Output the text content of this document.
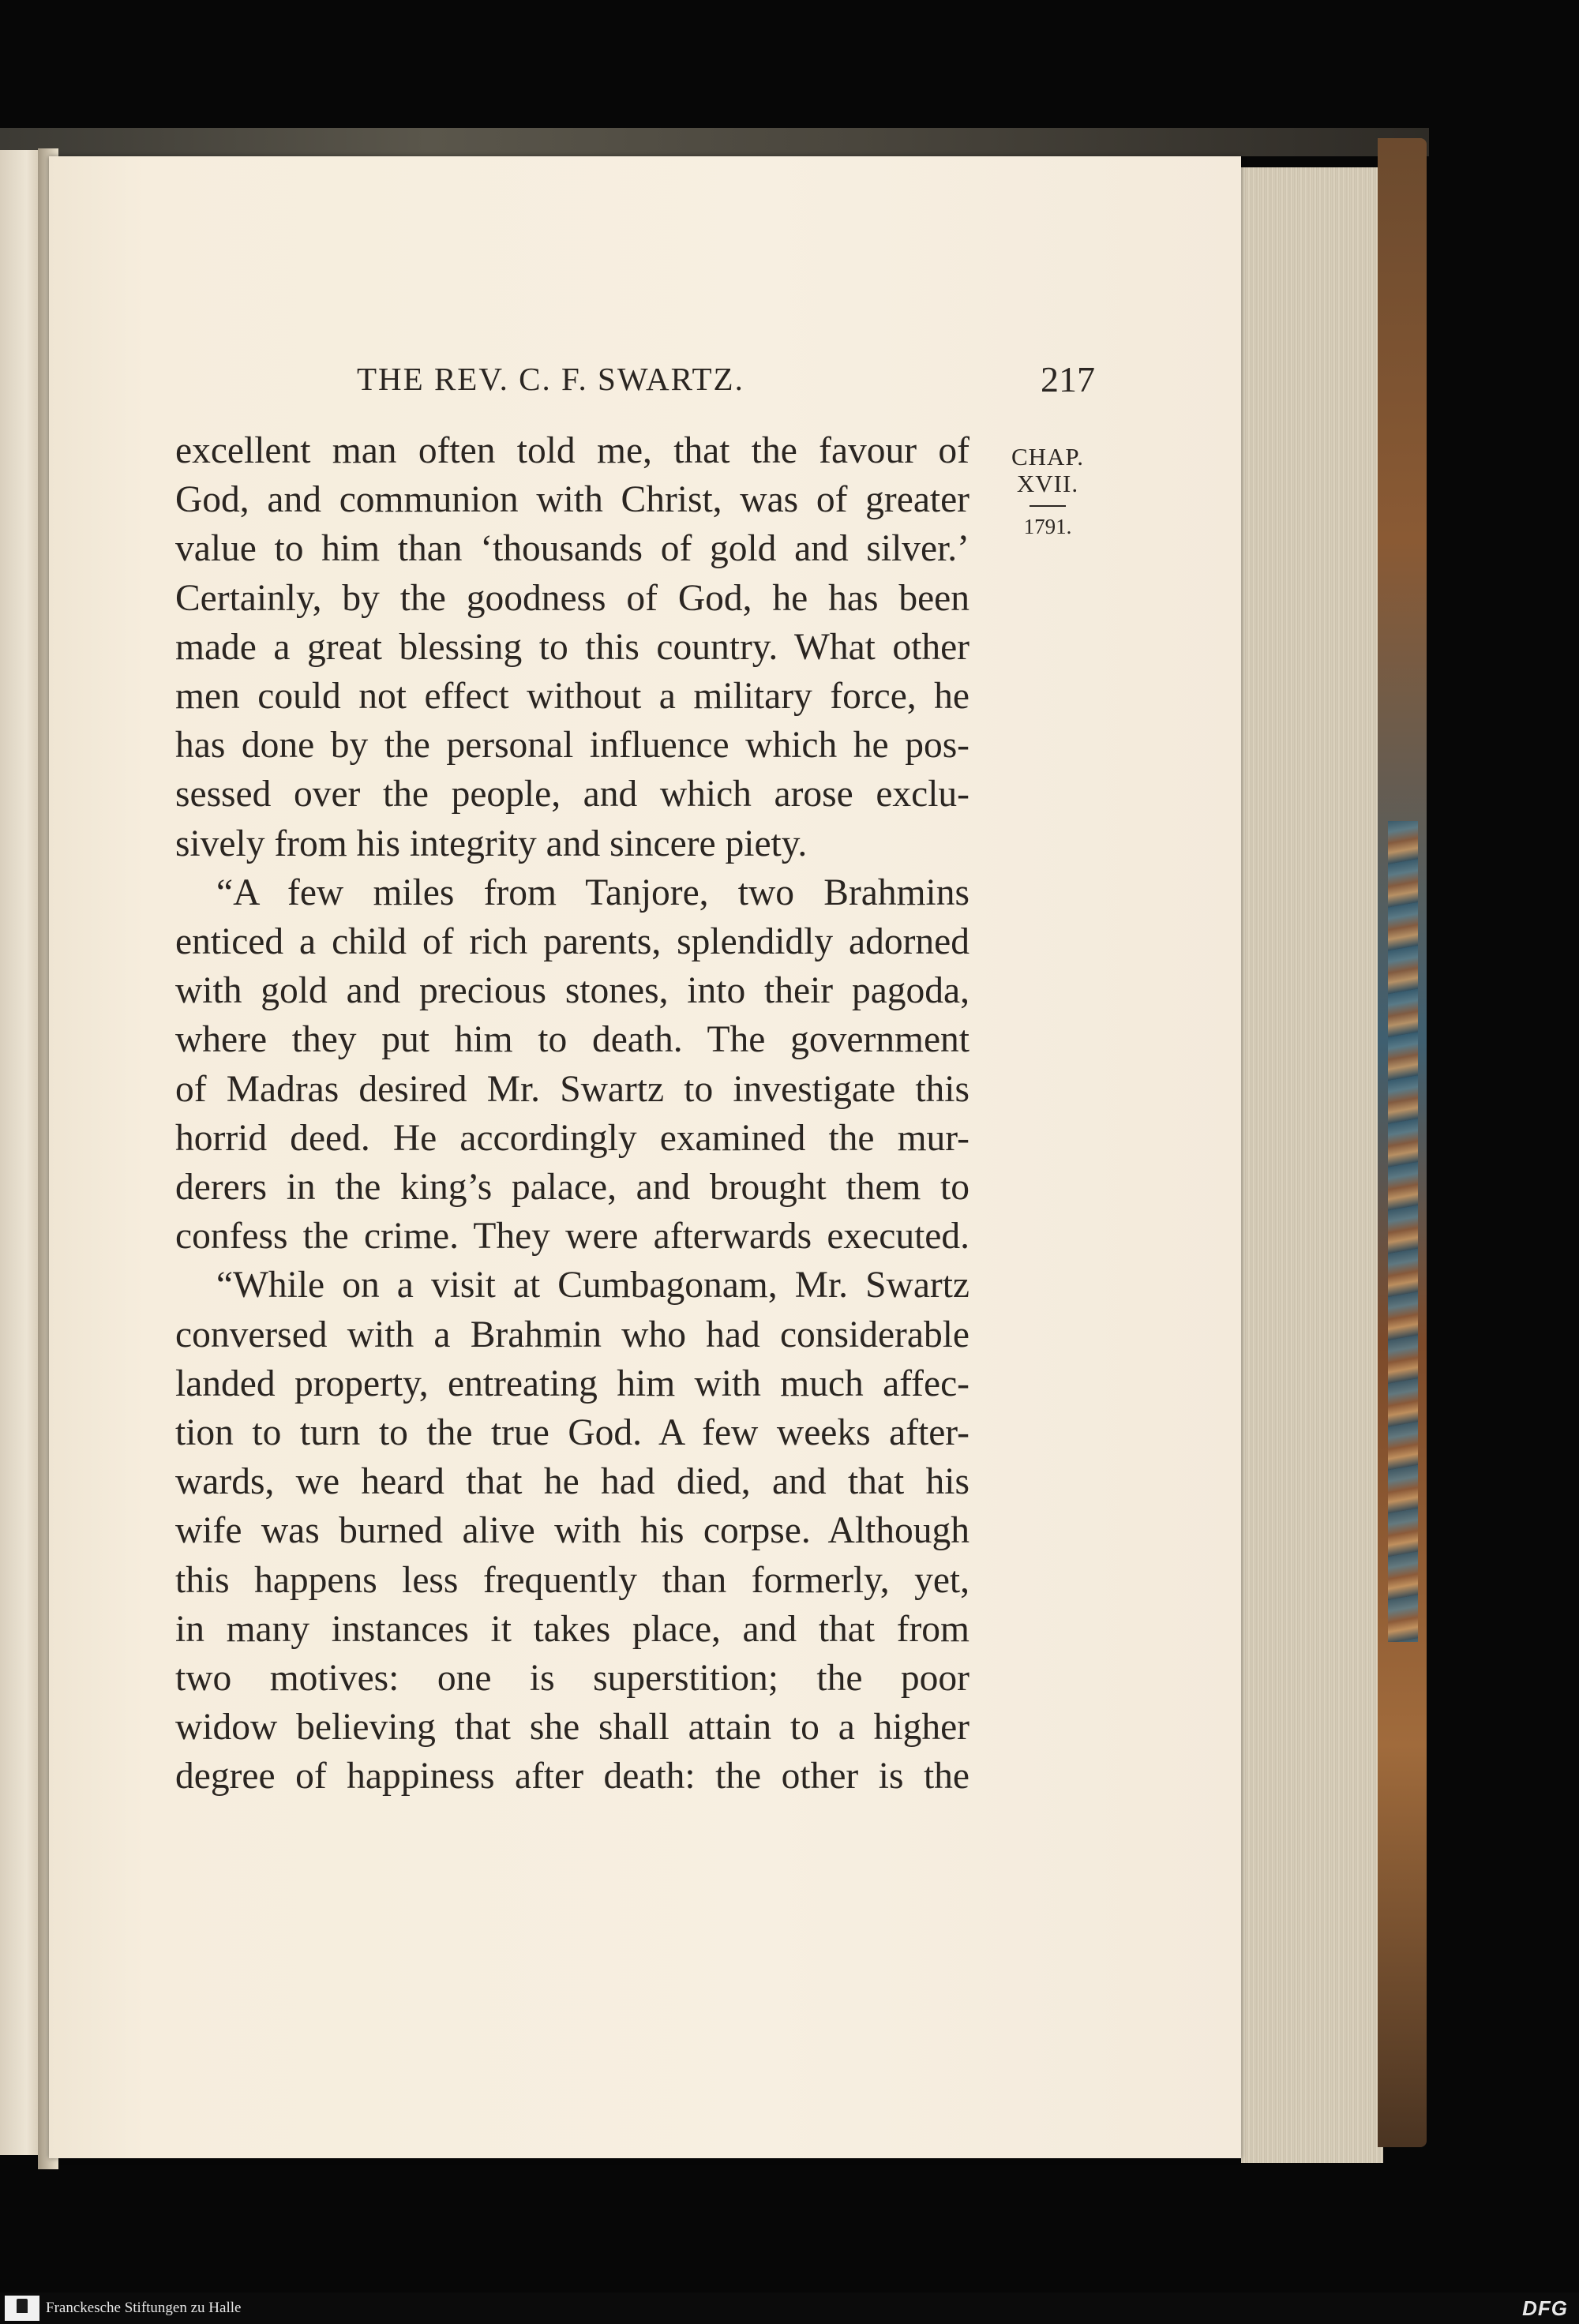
THE REV. C. F. SWARTZ.	217
CHAP.
XVII.
1791.
excellent man often told me, that the favour of
God, and communion with Christ, was of greater
value to him than ‘thousands of gold and silver.’
Certainly, by the goodness of God, he has been
made a great blessing to this country. What other
men could not effect without a military force, he
has done by the personal influence which he pos-
sessed over the people, and which arose exclu-
sively from his integrity and sincere piety.
“A few miles from Tanjore, two Brahmins
enticed a child of rich parents, splendidly adorned
with gold and precious stones, into their pagoda,
where they put him to death. The government
of Madras desired Mr. Swartz to investigate this
horrid deed. He accordingly examined the mur-
derers in the king’s palace, and brought them to
confess the crime. They were afterwards executed.
“While on a visit at Cumbagonam, Mr. Swartz
conversed with a Brahmin who had considerable
landed property, entreating him with much affec-
tion to turn to the true God. A few weeks after-
wards, we heard that he had died, and that his
wife was burned alive with his corpse. Although
this happens less frequently than formerly, yet,
in many instances it takes place, and that from
two motives: one is superstition; the poor
widow believing that she shall attain to a higher
degree of happiness after death: the other is the
Franckesche Stiftungen zu Halle	DFG
